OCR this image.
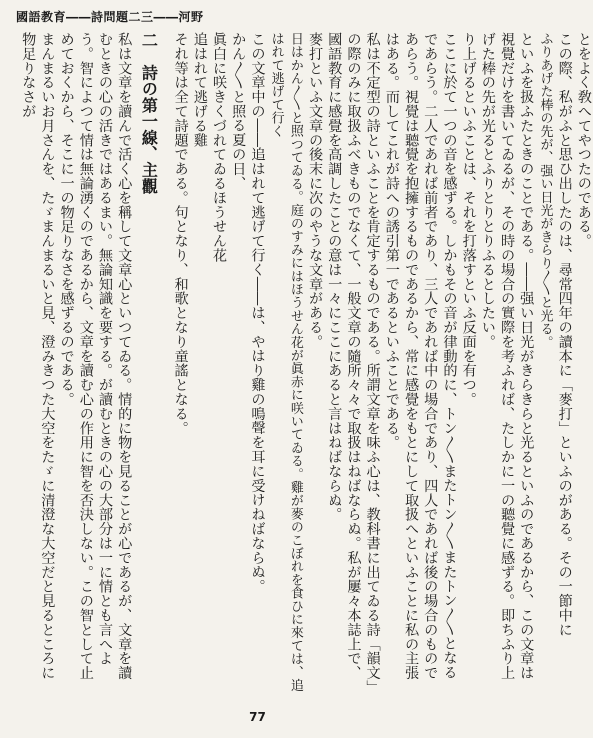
國語教育――詩問題二三――河野

とをよく敎へてやつたのである。

この際、私がふと思ひ出したのは、尋常四年の讀本に「麥打」といふのがある。その一節中に

ふりあげた棒の先が、强い日光がきらり〳〵と光る。

といふを扱ふたときのことである。――强い日光がきらきらと光るといふのであるから、この文章は視覺だけを書いてゐるが、その時の場合の實際を考ふれば、たしかに一の聽覺に感ずる。即ちふり上げた棒の先が光るとふりとりとりふるとしたい。

り上げるといふことは、それを打落すといふ反面を有つ。

ここに於て一つの音を感ずる。しかもその音が律動的に、トン〳〵またトン〳〵またトン〳〵となるであらう。二人であれば前者であり、三人であれば中の場合であり、四人であれば後の場合のものであらう。視覺は聽覺を抱擁するものであるから、常に感覺をもとにして取扱へといふことに私の主張はある。而してこれが詩への誘引第一であるといふことである。

私は不定型の詩といふことを肯定するものである。所謂文章を味ふ心は、教科書に出てゐる詩「韻文」の際のみに取扱ふべきものでなくて、一般文章の隨所々々で取扱はねばならぬ。私が屢々本誌上で、國語教育に感覺を高調したことの意は一々にここにあると言はねばならぬ。

麥打といふ文章の後末に次のやうな文章がある。

日はかん〳〵と照つてゐる。庭のすみにはほうせん花が眞赤に咲いてゐる。雞が麥のこぼれを食ひに來ては、追はれて逃げて行く

この文章中の――追はれて逃げて行く――は、やはり雞の鳴聲を耳に受けねばならぬ。

かん〳〵と照る夏の日、

眞白に咲きくづれてゐるほうせん花

追はれて逃げる雞

それ等は全て詩題である。句となり、和歌となり童謠となる。

二　詩の第一線、主觀

私は文章を讀んで活く心を稱して文章心といつてゐる。情的に物を見ることが心であるが、文章を讀むときの心の活きではあるまい。無論知識を要する。が讀むときの心の大部分は一に情とも言へよう。智によつて情は無論湧くのであるから、文章を讀む心の作用に智を否決しない。この智として止めておくから、そこに一の物足りなさを感ずるのである。

まんまるいお月さんを、たゞまんまるいと見、澄みきつた大空をたゞに清澄な大空だと見るところに物足りなさが

77
